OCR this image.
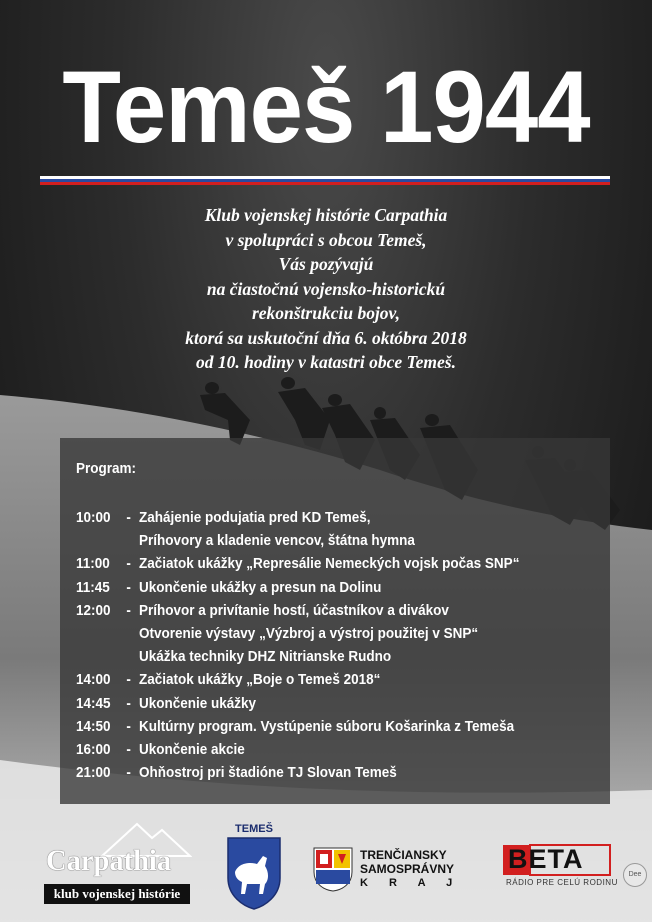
Temeš 1944
Klub vojenskej histórie Carpathia
v spolupráci s obcou Temeš,
Vás pozývajú
na čiastočnú vojensko-historickú
rekonštrukciu bojov,
ktorá sa uskutoční dňa 6. októbra 2018
od 10. hodiny v katastri obce Temeš.
Program:
10:00	- Zahájenie podujatia pred KD Temeš,
Príhovory a kladenie vencov, štátna hymna
11:00	- Začiatok ukážky „Represálie Nemeckých vojsk počas SNP“
11:45	- Ukončenie ukážky a presun na Dolinu
12:00	- Príhovor a privítanie hostí, účastníkov a divákov
Otvorenie výstavy „Výzbroj a výstroj použitej v SNP“
Ukážka techniky DHZ Nitrianske Rudno
14:00	- Začiatok ukážky „Boje o Temeš 2018“
14:45	- Ukončenie ukážky
14:50	- Kultúrny program. Vystúpenie súboru Košarinka z Temeša
16:00	- Ukončenie akcie
21:00	- Ohňostroj pri štadióne TJ Slovan Temeš
Carpathia
klub vojenskej histórie
TEMEŠ
TRENČIANSKY
SAMOSPRÁVNY
K R A J
BETA
RÁDIO PRE CELÚ RODINU
Dee
